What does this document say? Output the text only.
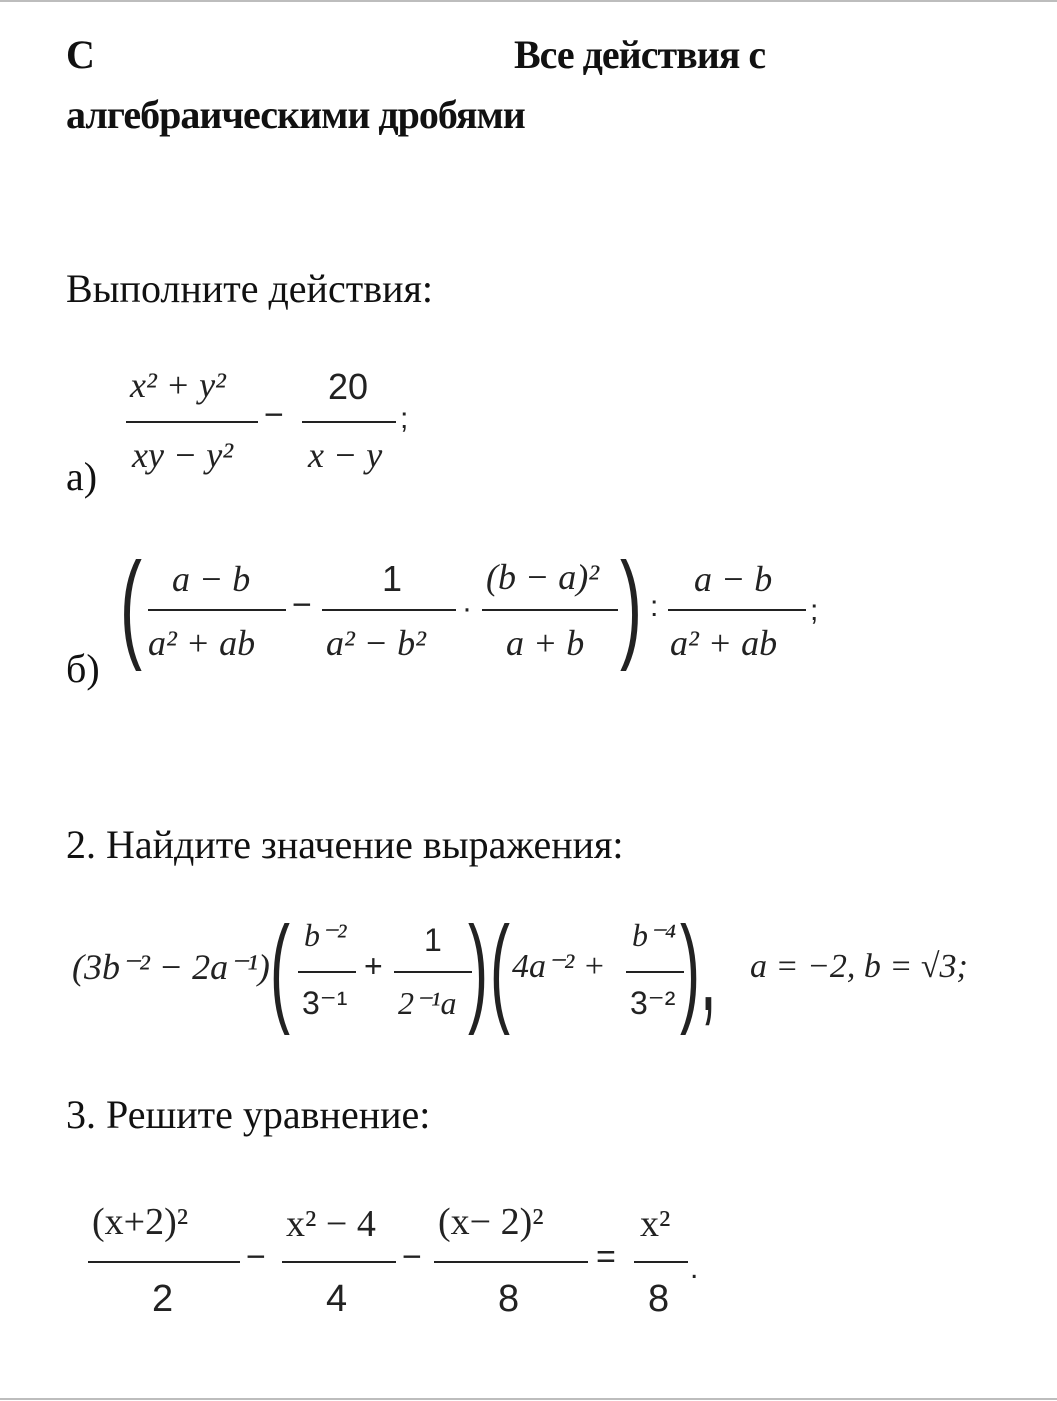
С	Все действия с
алгебраическими дробями
Выполните действия:
а)
x² + y²
xy − y²
−
20
x − y
;
б) ( a − b
a² + ab
−
1
a² − b²
·
(b − a)²
a + b ) :
a − b
a² + ab
;
2. Найдите значение выражения:
(3b⁻² − 2a⁻¹) ( b⁻²
3⁻¹
+
1
2⁻¹a ) ( 4a⁻² +
b⁻⁴
3⁻² ), a = −2, b = √3;
3. Решите уравнение:
(x+2)²
2
−
x² − 4
4
−
(x− 2)²
8
=
x²
8
.
